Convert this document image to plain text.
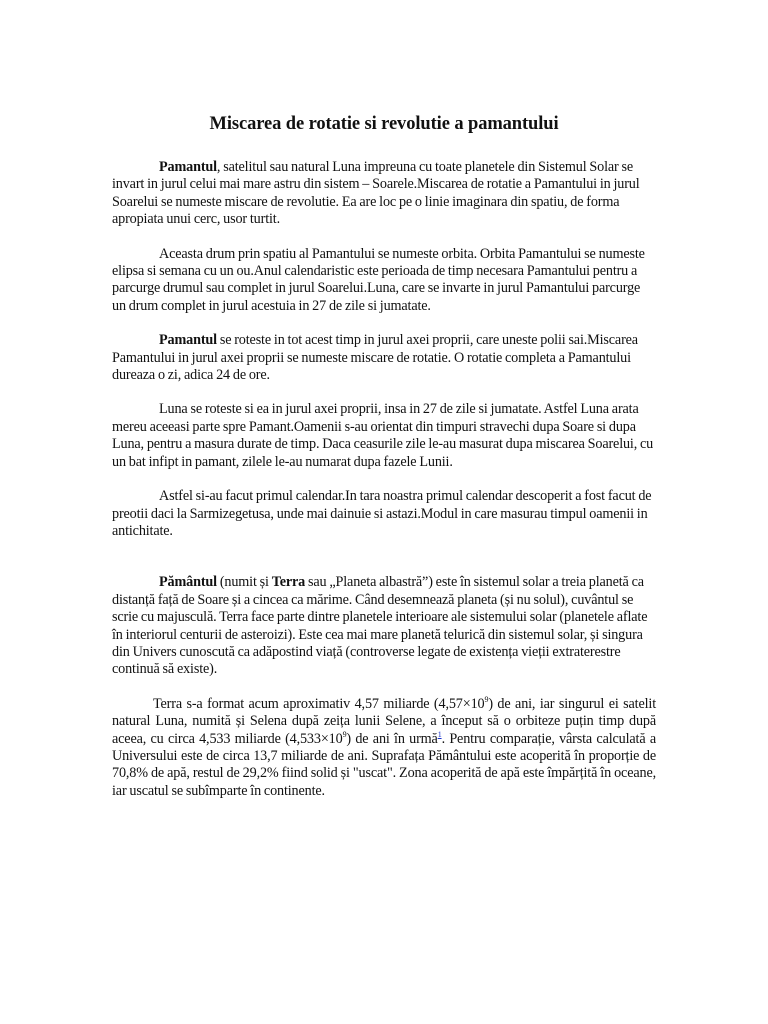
Miscarea de rotatie si revolutie a pamantului

Pamantul, satelitul sau natural Luna impreuna cu toate planetele din Sistemul Solar se invart in jurul celui mai mare astru din sistem – Soarele.Miscarea de rotatie a Pamantului in jurul Soarelui se numeste miscare de revolutie. Ea are loc pe o linie imaginara din spatiu, de forma apropiata unui cerc, usor turtit.

Aceasta drum prin spatiu al Pamantului se numeste orbita. Orbita Pamantului se numeste elipsa si semana cu un ou.Anul calendaristic este perioada de timp necesara Pamantului pentru a parcurge drumul sau complet in jurul Soarelui.Luna, care se invarte in jurul Pamantului parcurge un drum complet in jurul acestuia in 27 de zile si jumatate.

Pamantul se roteste in tot acest timp in jurul axei proprii, care uneste polii sai.Miscarea Pamantului in jurul axei proprii se numeste miscare de rotatie. O rotatie completa a Pamantului dureaza o zi, adica 24 de ore.

Luna se roteste si ea in jurul axei proprii, insa in 27 de zile si jumatate. Astfel Luna arata mereu aceeasi parte spre Pamant.Oamenii s-au orientat din timpuri stravechi dupa Soare si dupa Luna, pentru a masura durate de timp. Daca ceasurile zile le-au masurat dupa miscarea Soarelui, cu un bat infipt in pamant, zilele le-au numarat dupa fazele Lunii.

Astfel si-au facut primul calendar.In tara noastra primul calendar descoperit a fost facut de preotii daci la Sarmizegetusa, unde mai dainuie si astazi.Modul in care masurau timpul oamenii in antichitate.

Pământul (numit și Terra sau „Planeta albastră”) este în sistemul solar a treia planetă ca distanță față de Soare și a cincea ca mărime. Când desemnează planeta (și nu solul), cuvântul se scrie cu majusculă. Terra face parte dintre planetele interioare ale sistemului solar (planetele aflate în interiorul centurii de asteroizi). Este cea mai mare planetă telurică din sistemul solar, și singura din Univers cunoscută ca adăpostind viață (controverse legate de existența vieții extraterestre continuă să existe).

Terra s-a format acum aproximativ 4,57 miliarde $(4,57\times 10^9)$ de ani, iar singurul ei satelit natural Luna, numită și Selena după zeița lunii Selene, a început să o orbiteze puțin timp după aceea, cu circa 4,533 miliarde $(4,533\times 10^9)$ de ani în urmă$^1$. Pentru comparație, vârsta calculată a Universului este de circa 13,7 miliarde de ani. Suprafața Pământului este acoperită în proporție de 70,8% de apă, restul de 29,2% fiind solid și "uscat". Zona acoperită de apă este împărțită în oceane, iar uscatul se subîmparte în continente.
